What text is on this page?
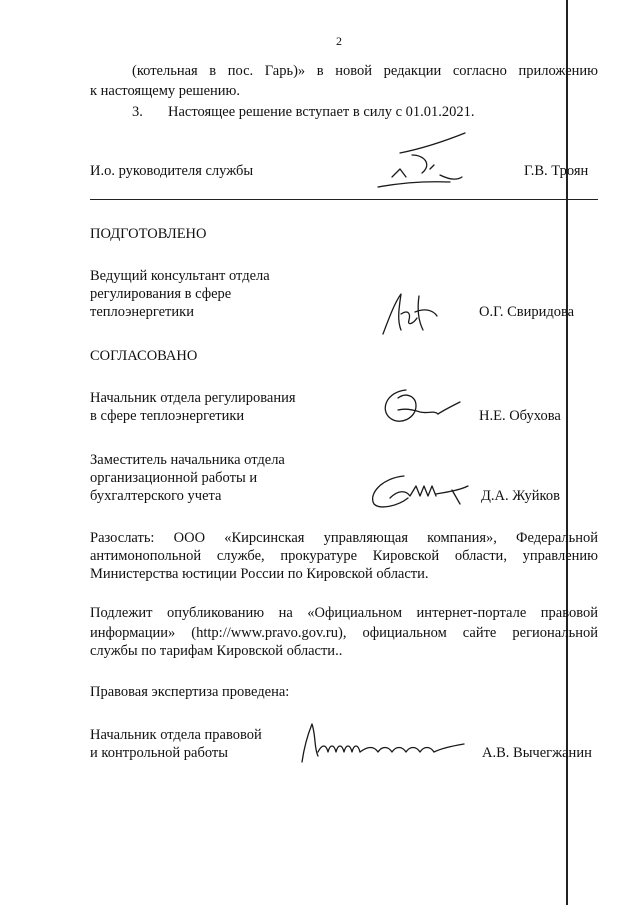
2
(котельная в пос. Гарь)» в новой редакции согласно приложению
к настоящему решению.
3. Настоящее решение вступает в силу с 01.01.2021.
И.о. руководителя службы	Г.В. Троян
ПОДГОТОВЛЕНО
Ведущий консультант отдела
регулирования в сфере
теплоэнергетики	О.Г. Свиридова
СОГЛАСОВАНО
Начальник отдела регулирования
в сфере теплоэнергетики	Н.Е. Обухова
Заместитель начальника отдела
организационной работы и
бухгалтерского учета	Д.А. Жуйков
Разослать: ООО «Кирсинская управляющая компания», Федеральной
антимонопольной службе, прокуратуре Кировской области, управлению
Министерства юстиции России по Кировской области.
Подлежит опубликованию на «Официальном интернет-портале правовой
информации» (http://www.pravo.gov.ru), официальном сайте региональной
службы по тарифам Кировской области..
Правовая экспертиза проведена:
Начальник отдела правовой
и контрольной работы	А.В. Вычегжанин
